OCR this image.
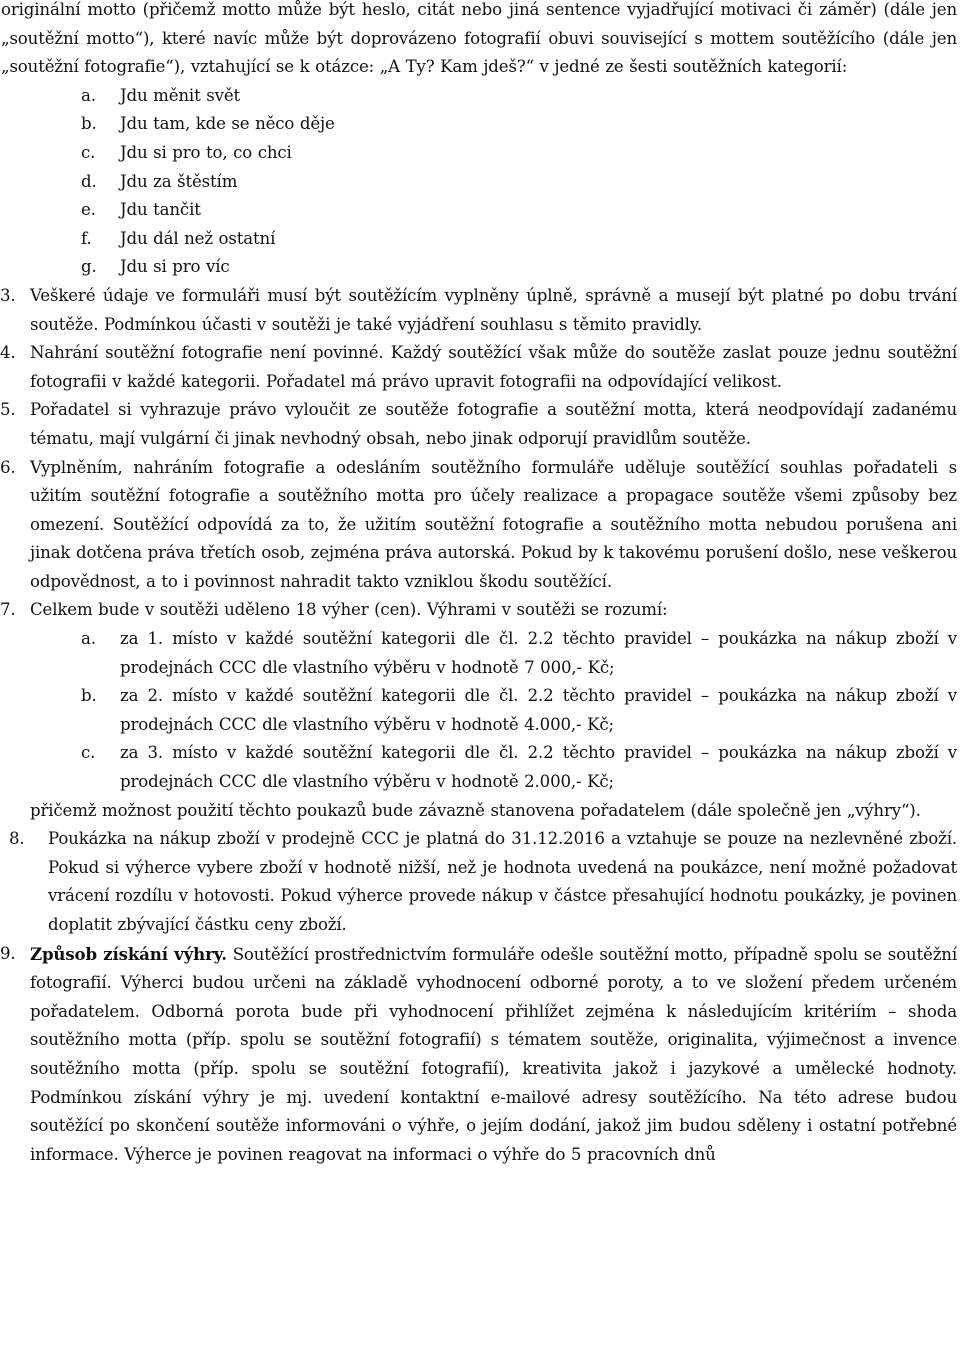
originální motto (přičemž motto může být heslo, citát nebo jiná sentence vyjadřující motivaci či záměr) (dále jen „soutěžní motto“), které navíc může být doprovázeno fotografií obuvi související s mottem soutěžícího (dále jen „soutěžní fotografie“), vztahující se k otázce: „A Ty? Kam jdeš?“ v jedné ze šesti soutěžních kategorií:

a. Jdu měnit svět
b. Jdu tam, kde se něco děje
c. Jdu si pro to, co chci
d. Jdu za štěstím
e. Jdu tančit
f. Jdu dál než ostatní
g. Jdu si pro víc
3. Veškeré údaje ve formuláři musí být soutěžícím vyplněny úplně, správně a musejí být platné po dobu trvání soutěže. Podmínkou účasti v soutěži je také vyjádření souhlasu s těmito pravidly.
4. Nahrání soutěžní fotografie není povinné. Každý soutěžící však může do soutěže zaslat pouze jednu soutěžní fotografii v každé kategorii. Pořadatel má právo upravit fotografii na odpovídající velikost.
5. Pořadatel si vyhrazuje právo vyloučit ze soutěže fotografie a soutěžní motta, která neodpovídají zadanému tématu, mají vulgární či jinak nevhodný obsah, nebo jinak odporují pravidlům soutěže.
6. Vyplněním, nahráním fotografie a odesláním soutěžního formuláře uděluje soutěžící souhlas pořadateli s užitím soutěžní fotografie a soutěžního motta pro účely realizace a propagace soutěže všemi způsoby bez omezení. Soutěžící odpovídá za to, že užitím soutěžní fotografie a soutěžního motta nebudou porušena ani jinak dotčena práva třetích osob, zejména práva autorská. Pokud by k takovému porušení došlo, nese veškerou odpovědnost, a to i povinnost nahradit takto vzniklou škodu soutěžící.
7. Celkem bude v soutěži uděleno 18 výher (cen). Výhrami v soutěži se rozumí:
a. za 1. místo v každé soutěžní kategorii dle čl. 2.2 těchto pravidel – poukázka na nákup zboží v prodejnách CCC dle vlastního výběru v hodnotě 7 000,- Kč;
b. za 2. místo v každé soutěžní kategorii dle čl. 2.2 těchto pravidel – poukázka na nákup zboží v prodejnách CCC dle vlastního výběru v hodnotě 4.000,- Kč;
c. za 3. místo v každé soutěžní kategorii dle čl. 2.2 těchto pravidel – poukázka na nákup zboží v prodejnách CCC dle vlastního výběru v hodnotě 2.000,- Kč;
přičemž možnost použití těchto poukazů bude závazně stanovena pořadatelem (dále společně jen „výhry“).
8. Poukázka na nákup zboží v prodejně CCC je platná do 31.12.2016 a vztahuje se pouze na nezlevněné zboží. Pokud si výherce vybere zboží v hodnotě nižší, než je hodnota uvedená na poukázce, není možné požadovat vrácení rozdílu v hotovosti. Pokud výherce provede nákup v částce přesahující hodnotu poukázky, je povinen doplatit zbývající částku ceny zboží.
9. Způsob získání výhry. Soutěžící prostřednictvím formuláře odešle soutěžní motto, případně spolu se soutěžní fotografií. Výherci budou určeni na základě vyhodnocení odborné poroty, a to ve složení předem určeném pořadatelem. Odborná porota bude při vyhodnocení přihlížet zejména k následujícím kritériím – shoda soutěžního motta (příp. spolu se soutěžní fotografií) s tématem soutěže, originalita, výjimečnost a invence soutěžního motta (příp. spolu se soutěžní fotografií), kreativita jakož i jazykové a umělecké hodnoty. Podmínkou získání výhry je mj. uvedení kontaktní e-mailové adresy soutěžícího. Na této adrese budou soutěžící po skončení soutěže informováni o výhře, o jejím dodání, jakož jim budou sděleny i ostatní potřebné informace. Výherce je povinen reagovat na informaci o výhře do 5 pracovních dnů
